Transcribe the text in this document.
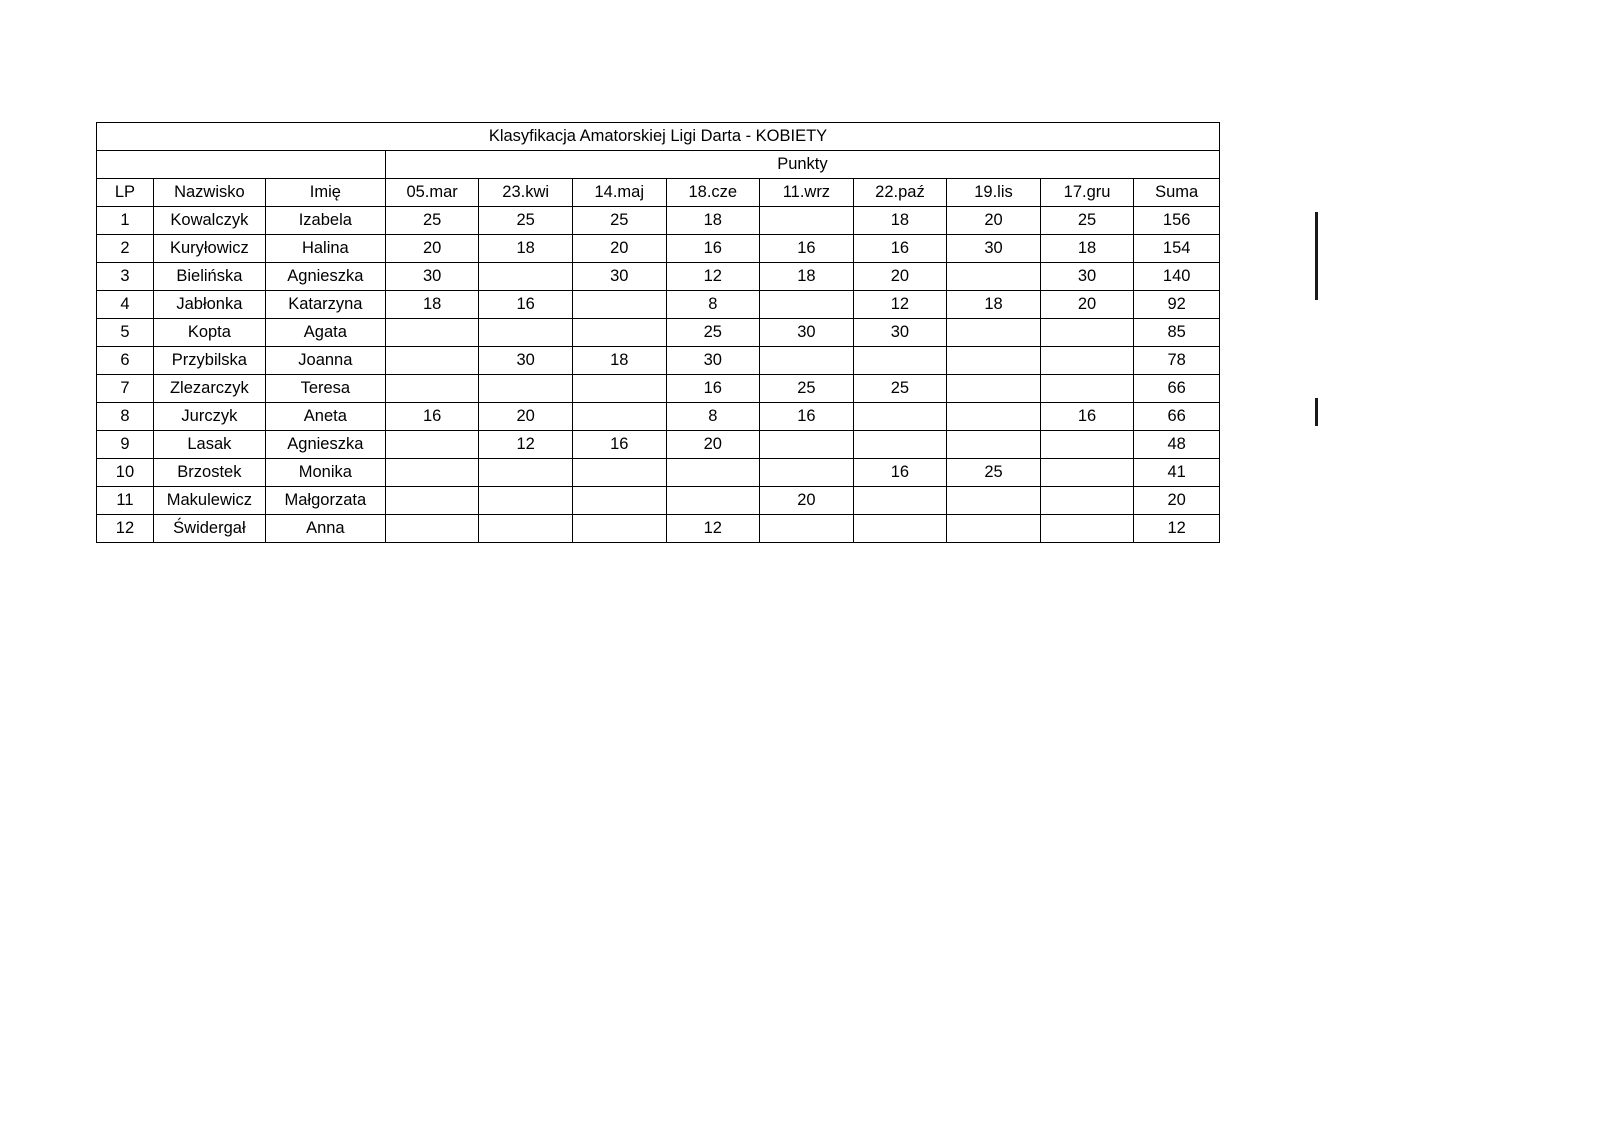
Klasyfikacja Amatorskiej Ligi Darta - KOBIETY											
			Punkty								
LP	Nazwisko	Imię	05.mar	23.kwi	14.maj	18.cze	11.wrz	22.paź	19.lis	17.gru	Suma
1	Kowalczyk	Izabela	25	25	25	18		18	20	25	156
2	Kuryłowicz	Halina	20	18	20	16	16	16	30	18	154
3	Bielińska	Agnieszka	30		30	12	18	20		30	140
4	Jabłonka	Katarzyna	18	16		8		12	18	20	92
5	Kopta	Agata				25	30	30			85
6	Przybilska	Joanna		30	18	30					78
7	Zlezarczyk	Teresa				16	25	25			66
8	Jurczyk	Aneta	16	20		8	16			16	66
9	Lasak	Agnieszka		12	16	20					48
10	Brzostek	Monika						16	25		41
11	Makulewicz	Małgorzata					20				20
12	Świdergał	Anna				12					12
